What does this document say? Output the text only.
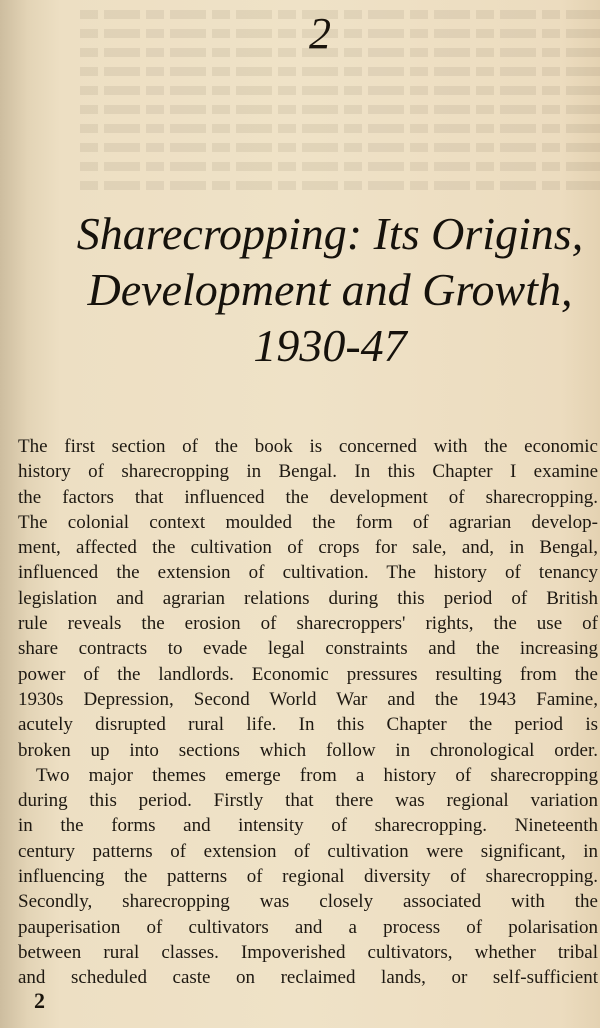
2
Sharecropping: Its Origins,
Development and Growth,
1930-47
The first section of the book is concerned with the economic
history of sharecropping in Bengal. In this Chapter I examine
the factors that influenced the development of sharecropping.
The colonial context moulded the form of agrarian develop-
ment, affected the cultivation of crops for sale, and, in Bengal,
influenced the extension of cultivation. The history of tenancy
legislation and agrarian relations during this period of British
rule reveals the erosion of sharecroppers' rights, the use of
share contracts to evade legal constraints and the increasing
power of the landlords. Economic pressures resulting from the
1930s Depression, Second World War and the 1943 Famine,
acutely disrupted rural life. In this Chapter the period is
broken up into sections which follow in chronological order.
Two major themes emerge from a history of sharecropping
during this period. Firstly that there was regional variation
in the forms and intensity of sharecropping. Nineteenth
century patterns of extension of cultivation were significant, in
influencing the patterns of regional diversity of sharecropping.
Secondly, sharecropping was closely associated with the
pauperisation of cultivators and a process of polarisation
between rural classes. Impoverished cultivators, whether tribal
and scheduled caste on reclaimed lands, or self-sufficient
2
